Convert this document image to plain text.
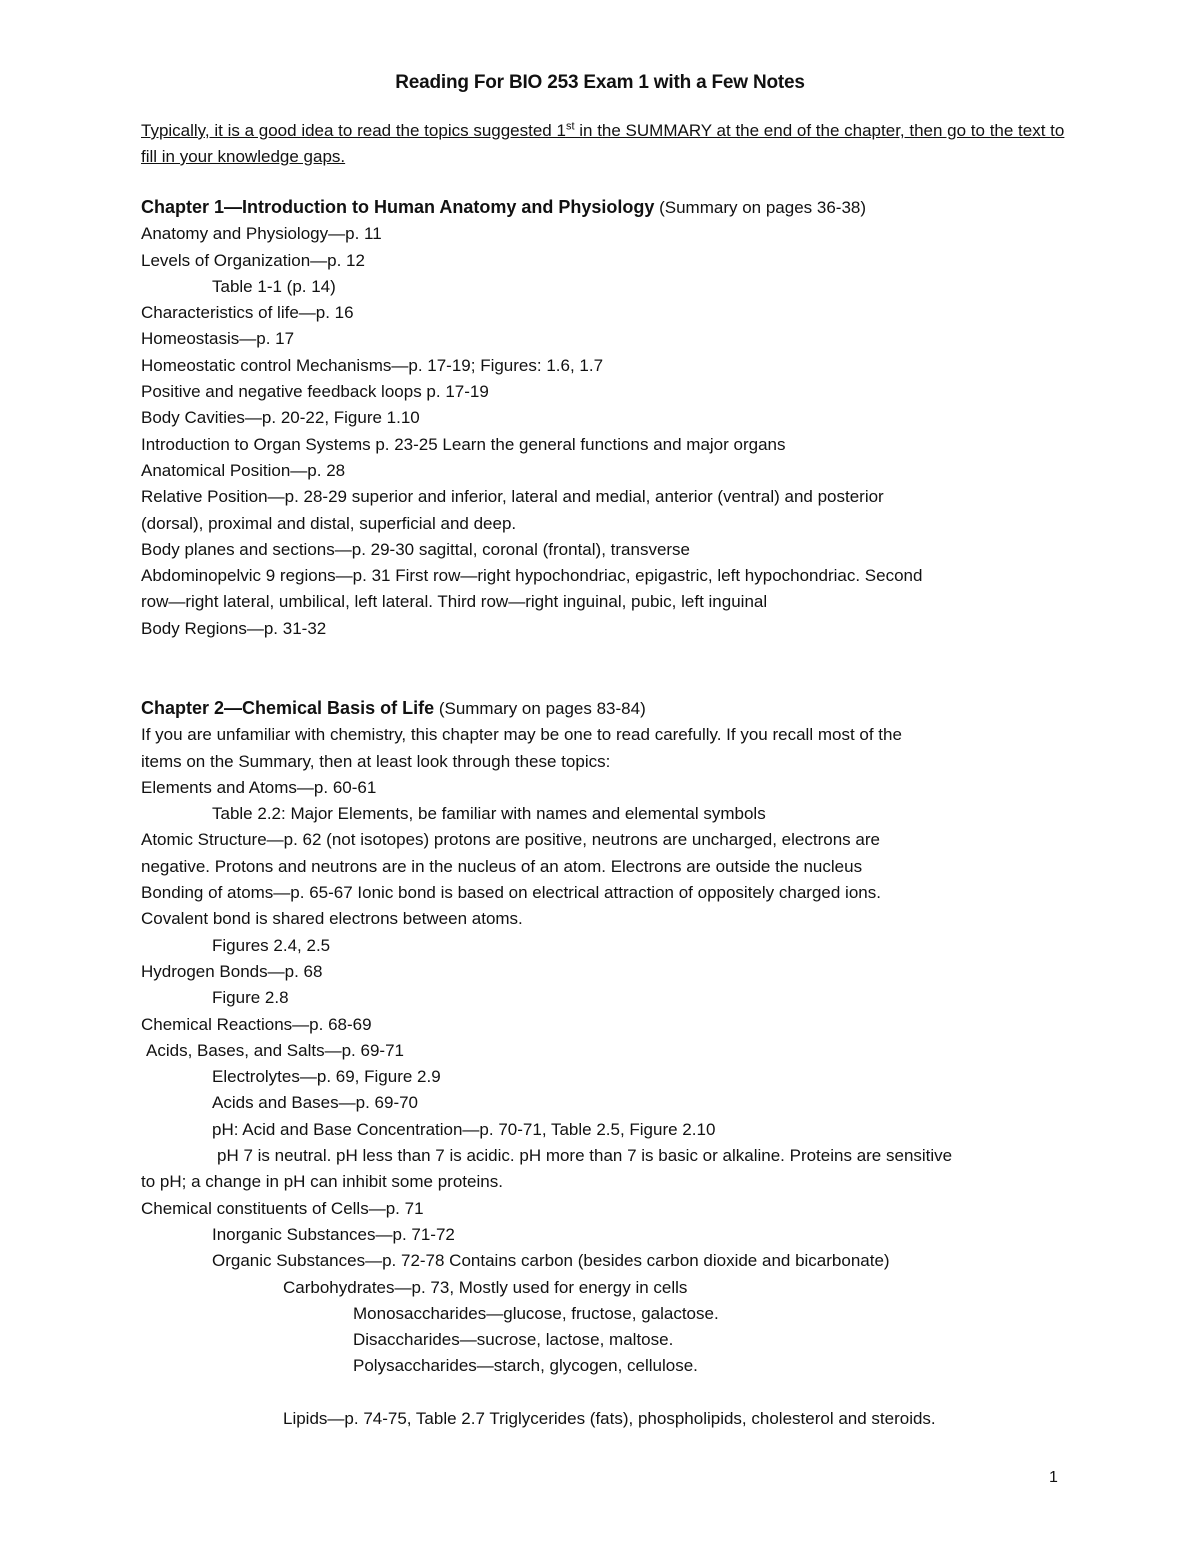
Reading For BIO 253 Exam 1 with a Few Notes
Typically, it is a good idea to read the topics suggested 1st in the SUMMARY at the end of the chapter, then go to the text to fill in your knowledge gaps.
Chapter 1—Introduction to Human Anatomy and Physiology (Summary on pages 36-38)
Anatomy and Physiology—p. 11
Levels of Organization—p. 12
Table 1-1 (p. 14)
Characteristics of life—p. 16
Homeostasis—p. 17
Homeostatic control Mechanisms—p. 17-19; Figures: 1.6, 1.7
Positive and negative feedback loops p. 17-19
Body Cavities—p. 20-22, Figure 1.10
Introduction to Organ Systems p. 23-25 Learn the general functions and major organs
Anatomical Position—p. 28
Relative Position—p. 28-29 superior and inferior, lateral and medial, anterior (ventral) and posterior
(dorsal), proximal and distal, superficial and deep.
Body planes and sections—p. 29-30 sagittal, coronal (frontal), transverse
Abdominopelvic 9 regions—p. 31 First row—right hypochondriac, epigastric, left hypochondriac. Second
row—right lateral, umbilical, left lateral. Third row—right inguinal, pubic, left inguinal
Body Regions—p. 31-32
Chapter 2—Chemical Basis of Life (Summary on pages 83-84)
If you are unfamiliar with chemistry, this chapter may be one to read carefully. If you recall most of the
items on the Summary, then at least look through these topics:
Elements and Atoms—p. 60-61
Table 2.2: Major Elements, be familiar with names and elemental symbols
Atomic Structure—p. 62 (not isotopes) protons are positive, neutrons are uncharged, electrons are
negative. Protons and neutrons are in the nucleus of an atom. Electrons are outside the nucleus
Bonding of atoms—p. 65-67 Ionic bond is based on electrical attraction of oppositely charged ions.
Covalent bond is shared electrons between atoms.
Figures 2.4, 2.5
Hydrogen Bonds—p. 68
Figure 2.8
Chemical Reactions—p. 68-69
Acids, Bases, and Salts—p. 69-71
Electrolytes—p. 69, Figure 2.9
Acids and Bases—p. 69-70
pH: Acid and Base Concentration—p. 70-71, Table 2.5, Figure 2.10
pH 7 is neutral. pH less than 7 is acidic. pH more than 7 is basic or alkaline. Proteins are sensitive
to pH; a change in pH can inhibit some proteins.
Chemical constituents of Cells—p. 71
Inorganic Substances—p. 71-72
Organic Substances—p. 72-78 Contains carbon (besides carbon dioxide and bicarbonate)
Carbohydrates—p. 73, Mostly used for energy in cells
Monosaccharides—glucose, fructose, galactose.
Disaccharides—sucrose, lactose, maltose.
Polysaccharides—starch, glycogen, cellulose.
Lipids—p. 74-75, Table 2.7 Triglycerides (fats), phospholipids, cholesterol and steroids.
1
